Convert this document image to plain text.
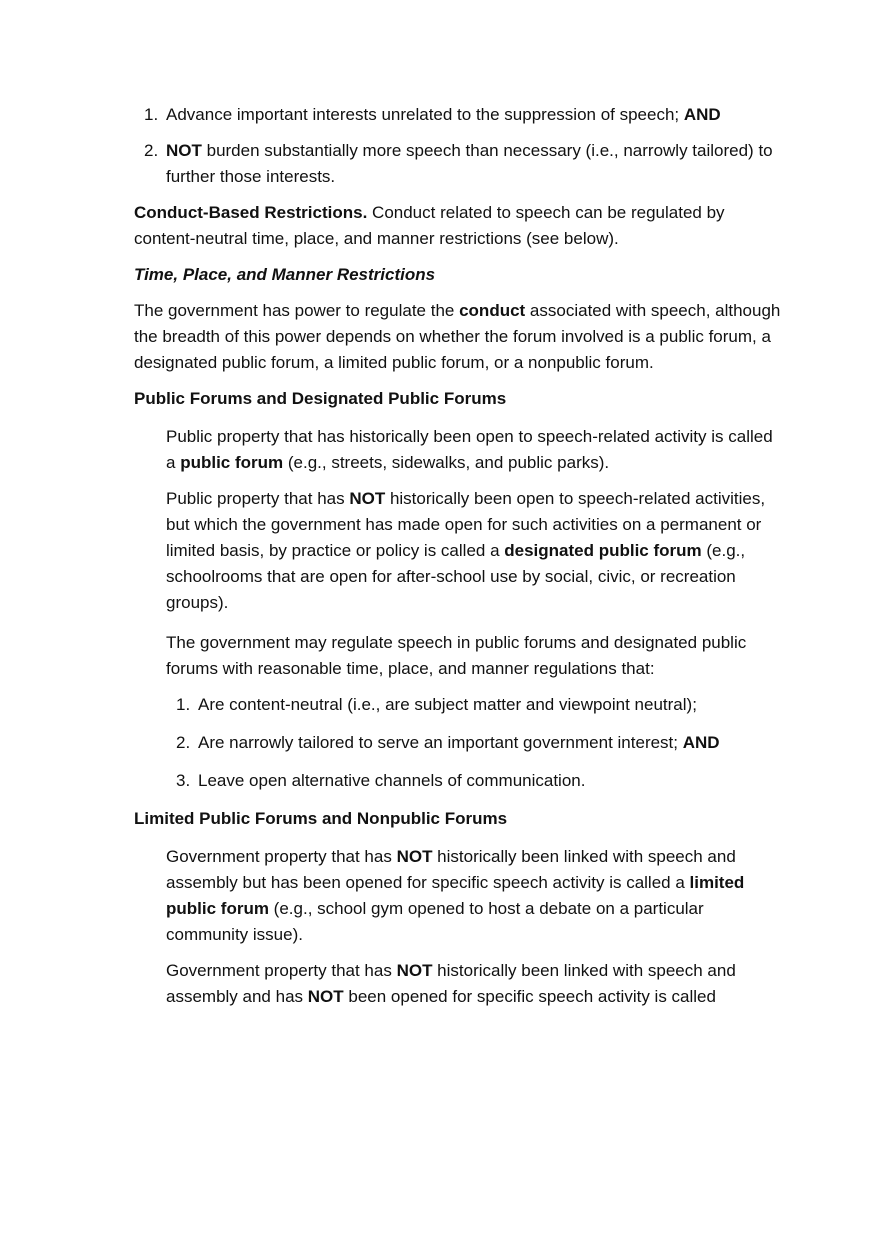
1. Advance important interests unrelated to the suppression of speech; AND
2. NOT burden substantially more speech than necessary (i.e., narrowly tailored) to further those interests.

Conduct-Based Restrictions. Conduct related to speech can be regulated by content-neutral time, place, and manner restrictions (see below).

Time, Place, and Manner Restrictions

The government has power to regulate the conduct associated with speech, although the breadth of this power depends on whether the forum involved is a public forum, a designated public forum, a limited public forum, or a nonpublic forum.

Public Forums and Designated Public Forums

Public property that has historically been open to speech-related activity is called a public forum (e.g., streets, sidewalks, and public parks).

Public property that has NOT historically been open to speech-related activities, but which the government has made open for such activities on a permanent or limited basis, by practice or policy is called a designated public forum (e.g., schoolrooms that are open for after-school use by social, civic, or recreation groups).

The government may regulate speech in public forums and designated public forums with reasonable time, place, and manner regulations that:

1. Are content-neutral (i.e., are subject matter and viewpoint neutral);
2. Are narrowly tailored to serve an important government interest; AND
3. Leave open alternative channels of communication.

Limited Public Forums and Nonpublic Forums

Government property that has NOT historically been linked with speech and assembly but has been opened for specific speech activity is called a limited public forum (e.g., school gym opened to host a debate on a particular community issue).

Government property that has NOT historically been linked with speech and assembly and has NOT been opened for specific speech activity is called
